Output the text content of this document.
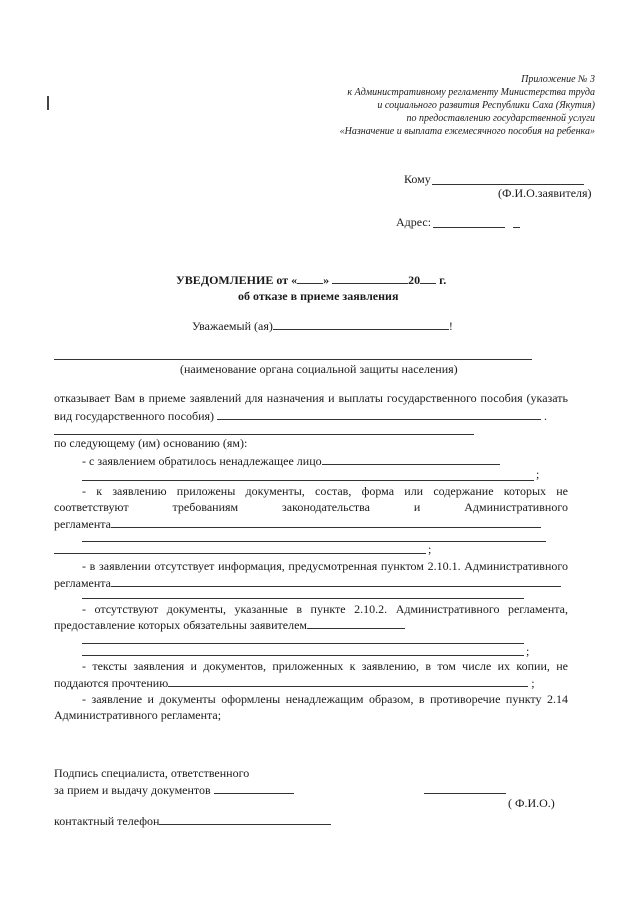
Приложение № 3
к Административному регламенту Министерства труда
и социального развития Республики Саха (Якутия)
по предоставлению государственной услуги
«Назначение и выплата ежемесячного пособия на ребенка»
Кому
(Ф.И.О.заявителя)
Адрес:
УВЕДОМЛЕНИЕ от « »	20 г.
об отказе в приеме заявления
Уважаемый (ая)	!
(наименование органа социальной защиты населения)
отказывает Вам в приеме заявлений для назначения и выплаты государственного пособия (указать
вид государственного пособия)	.
по следующему (им) основанию (ям):
- с заявлением обратилось ненадлежащее лицо
;
- к заявлению приложены документы, состав, форма или содержание которых не
соответствуют	требованиям	законодательства	и	Административного
регламента
;
- в заявлении отсутствует информация, предусмотренная пунктом 2.10.1. Административного
регламента
- отсутствуют документы, указанные в пункте 2.10.2. Административного регламента,
предоставление которых обязательны заявителем
;
- тексты заявления и документов, приложенных к заявлению, в том числе их копии, не
поддаются прочтению	;
- заявление и документы оформлены ненадлежащим образом, в противоречие пункту 2.14
Административного регламента;
Подпись специалиста, ответственного
за прием и выдачу документов
( Ф.И.О.)
контактный телефон
